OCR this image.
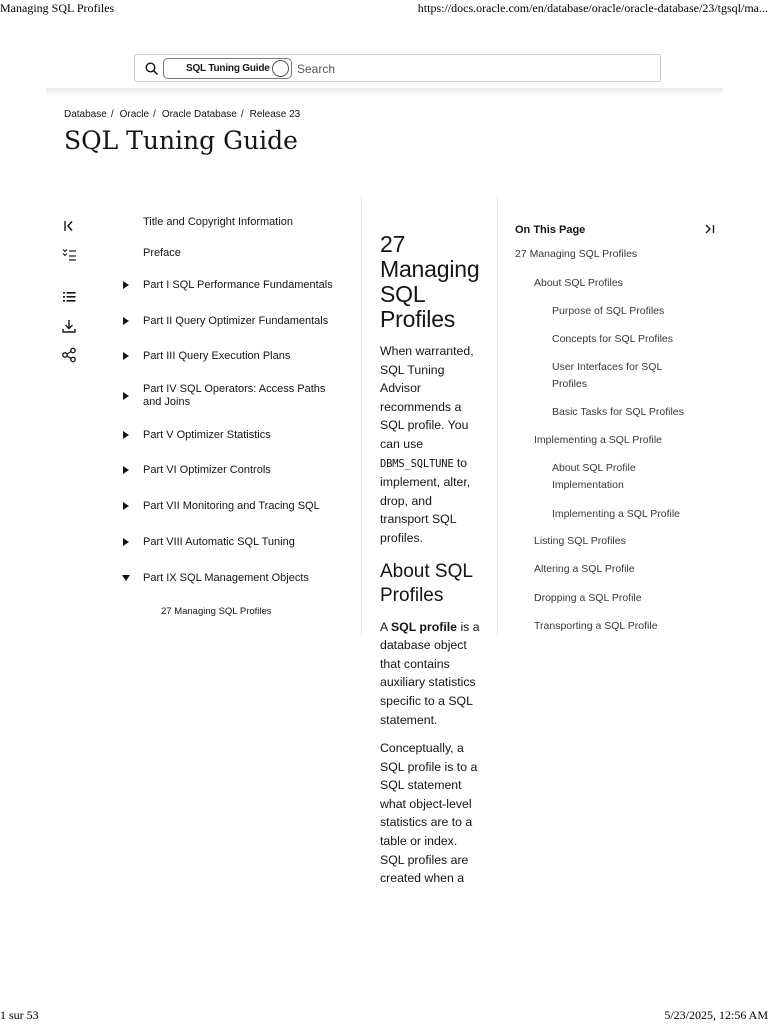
Managing SQL Profiles	https://docs.oracle.com/en/database/oracle/oracle-database/23/tgsql/ma...
SQL Tuning Guide
Search
Database / Oracle / Oracle Database / Release 23
SQL Tuning Guide
Title and Copyright Information
Preface
Part I SQL Performance Fundamentals
Part II Query Optimizer Fundamentals
Part III Query Execution Plans
Part IV SQL Operators: Access Paths and Joins
Part V Optimizer Statistics
Part VI Optimizer Controls
Part VII Monitoring and Tracing SQL
Part VIII Automatic SQL Tuning
Part IX SQL Management Objects
27 Managing SQL Profiles
27 Managing SQL Profiles

When warranted, SQL Tuning Advisor recommends a SQL profile. You can use DBMS_SQLTUNE to implement, alter, drop, and transport SQL profiles.

About SQL Profiles

A SQL profile is a database object that contains auxiliary statistics specific to a SQL statement.

Conceptually, a SQL profile is to a SQL statement what object-level statistics are to a table or index. SQL profiles are created when a

On This Page
27 Managing SQL Profiles
About SQL Profiles
Purpose of SQL Profiles
Concepts for SQL Profiles
User Interfaces for SQL Profiles
Basic Tasks for SQL Profiles
Implementing a SQL Profile
About SQL Profile Implementation
Implementing a SQL Profile
Listing SQL Profiles
Altering a SQL Profile
Dropping a SQL Profile
Transporting a SQL Profile
1 sur 53	5/23/2025, 12:56 AM
